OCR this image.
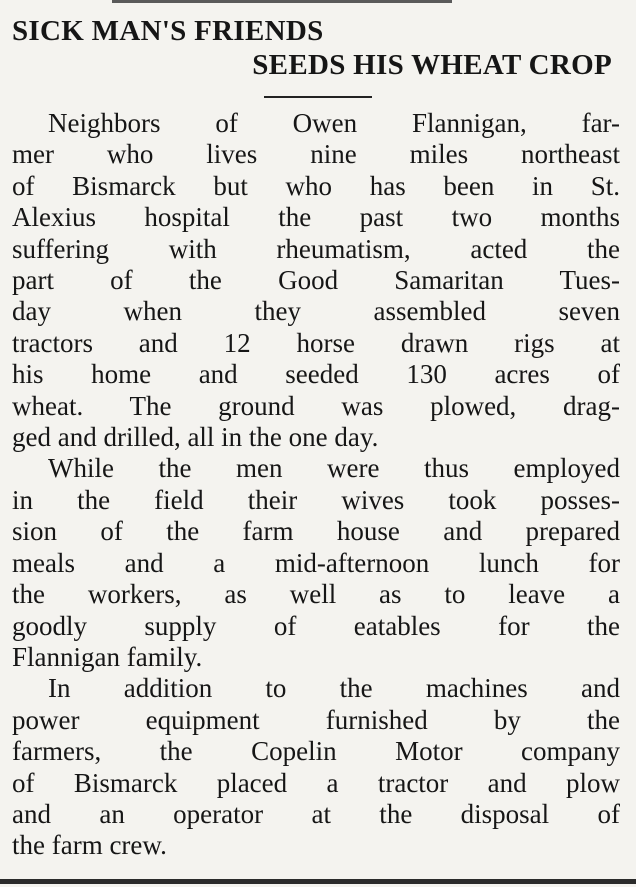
SICK MAN'S FRIENDS
SEEDS HIS WHEAT CROP

Neighbors of Owen Flannigan, far-
mer who lives nine miles northeast
of Bismarck but who has been in St.
Alexius hospital the past two months
suffering with rheumatism, acted the
part of the Good Samaritan Tues-
day when they assembled seven
tractors and 12 horse drawn rigs at
his home and seeded 130 acres of
wheat. The ground was plowed, drag-
ged and drilled, all in the one day.

While the men were thus employed
in the field their wives took posses-
sion of the farm house and prepared
meals and a mid-afternoon lunch for
the workers, as well as to leave a
goodly supply of eatables for the
Flannigan family.

In addition to the machines and
power equipment furnished by the
farmers, the Copelin Motor company
of Bismarck placed a tractor and plow
and an operator at the disposal of
the farm crew.
